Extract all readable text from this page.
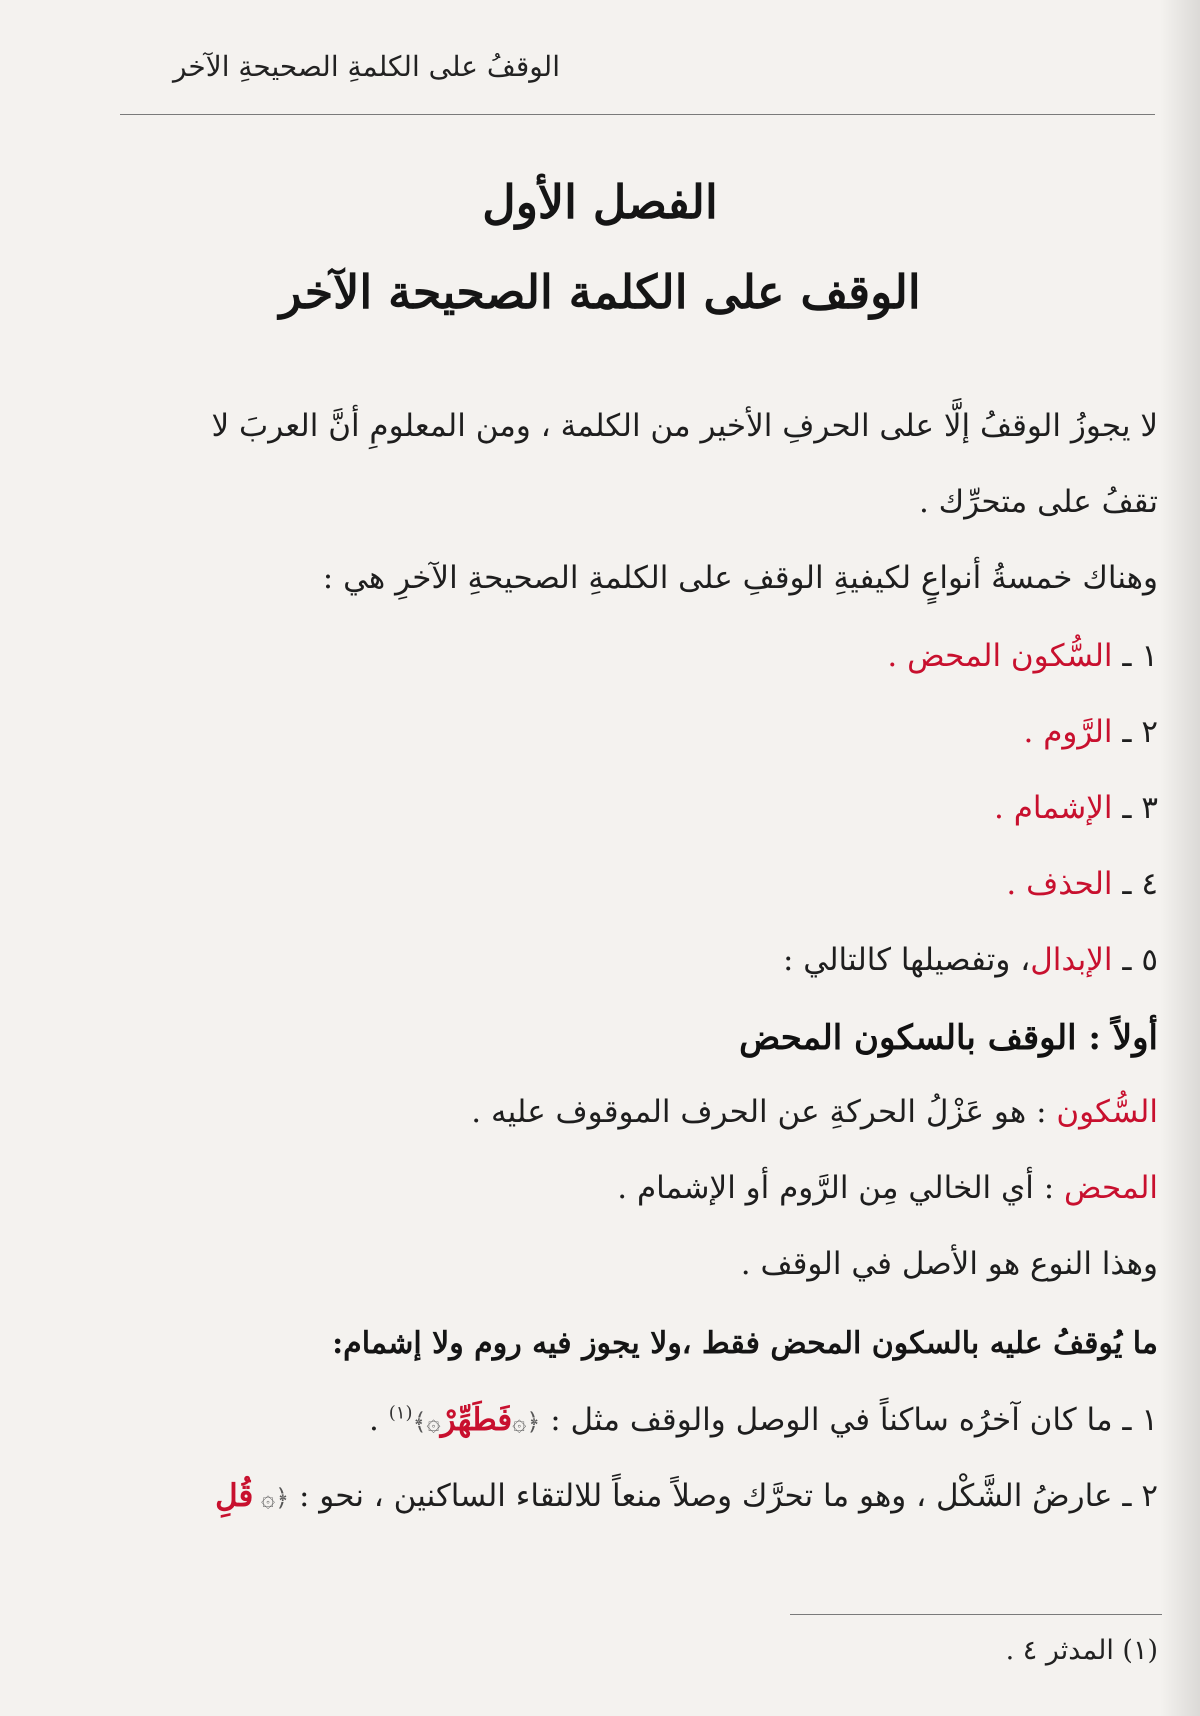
الوقفُ على الكلمةِ الصحيحةِ الآخر
الفصل الأول
الوقف على الكلمة الصحيحة الآخر
لا يجوزُ الوقفُ إلَّا على الحرفِ الأخير من الكلمة ، ومن المعلومِ أنَّ العربَ لا
تقفُ على متحرِّك .
وهناك خمسةُ أنواعٍ لكيفيةِ الوقفِ على الكلمةِ الصحيحةِ الآخرِ هي :
١ ـ السُّكون المحض .
٢ ـ الرَّوم .
٣ ـ الإشمام .
٤ ـ الحذف .
٥ ـ الإبدال، وتفصيلها كالتالي :
أولاً : الوقف بالسكون المحض
السُّكون : هو عَزْلُ الحركةِ عن الحرف الموقوف عليه .
المحض : أي الخالي مِن الرَّوم أو الإشمام .
وهذا النوع هو الأصل في الوقف .
ما يُوقفُ عليه بالسكون المحض فقط ،ولا يجوز فيه روم ولا إشمام:
١ ـ ما كان آخرُه ساكناً في الوصل والوقف مثل : ﴿۞فَطَهِّرْ۞﴾$^{(١)}$ .
٢ ـ عارضُ الشَّكْل ، وهو ما تحرَّك وصلاً منعاً للالتقاء الساكنين ، نحو : ﴿۞ قُلِ
(١) المدثر ٤ .
